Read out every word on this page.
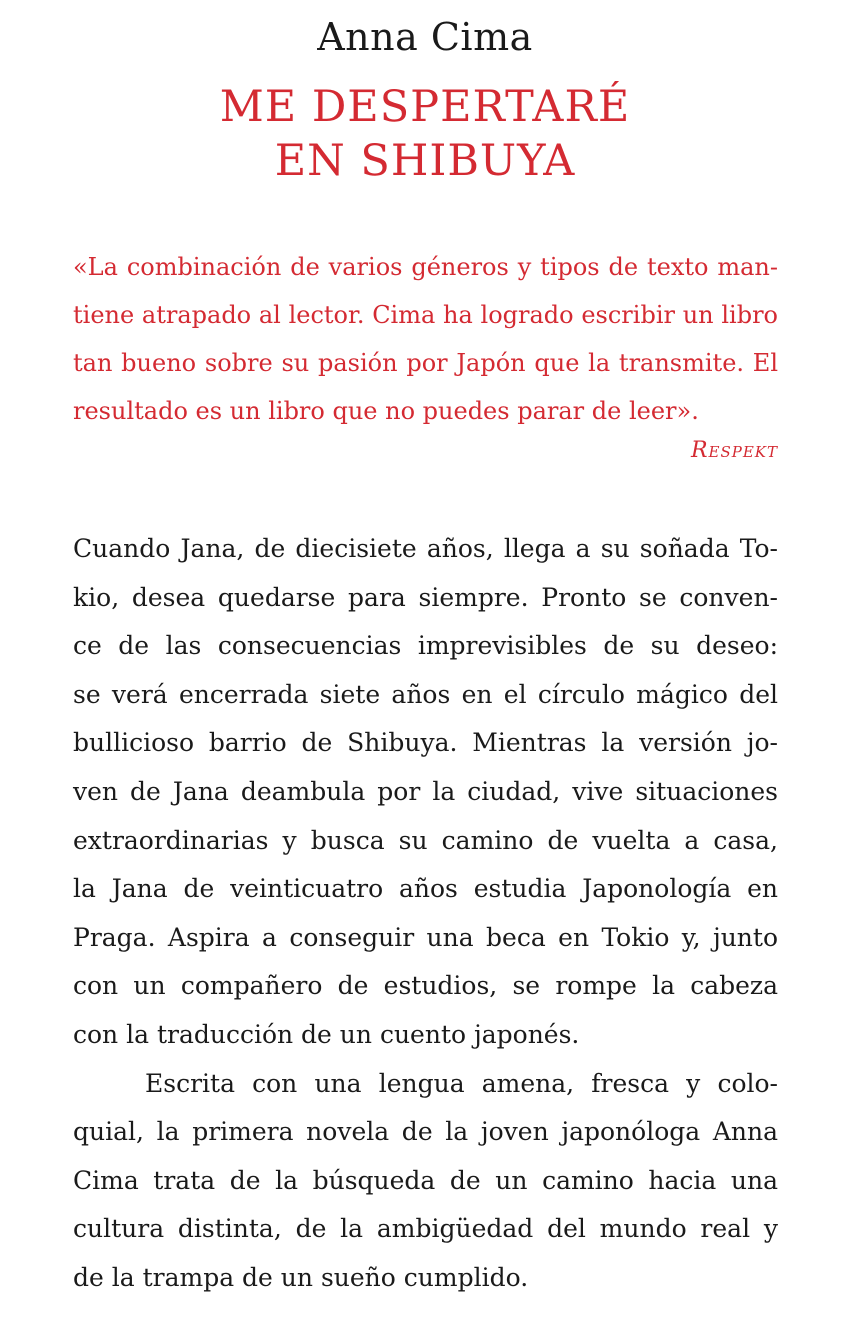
Anna Cima
ME DESPERTARÉ
EN SHIBUYA
«La combinación de varios géneros y tipos de texto man-
tiene atrapado al lector. Cima ha logrado escribir un libro
tan bueno sobre su pasión por Japón que la transmite. El
resultado es un libro que no puedes parar de leer».
Respekt
Cuando Jana, de diecisiete años, llega a su soñada To-
kio, desea quedarse para siempre. Pronto se conven-
ce de las consecuencias imprevisibles de su deseo:
se verá encerrada siete años en el círculo mágico del
bullicioso barrio de Shibuya. Mientras la versión jo-
ven de Jana deambula por la ciudad, vive situaciones
extraordinarias y busca su camino de vuelta a casa,
la Jana de veinticuatro años estudia Japonología en
Praga. Aspira a conseguir una beca en Tokio y, junto
con un compañero de estudios, se rompe la cabeza
con la traducción de un cuento japonés.
Escrita con una lengua amena, fresca y colo-
quial, la primera novela de la joven japonóloga Anna
Cima trata de la búsqueda de un camino hacia una
cultura distinta, de la ambigüedad del mundo real y
de la trampa de un sueño cumplido.
